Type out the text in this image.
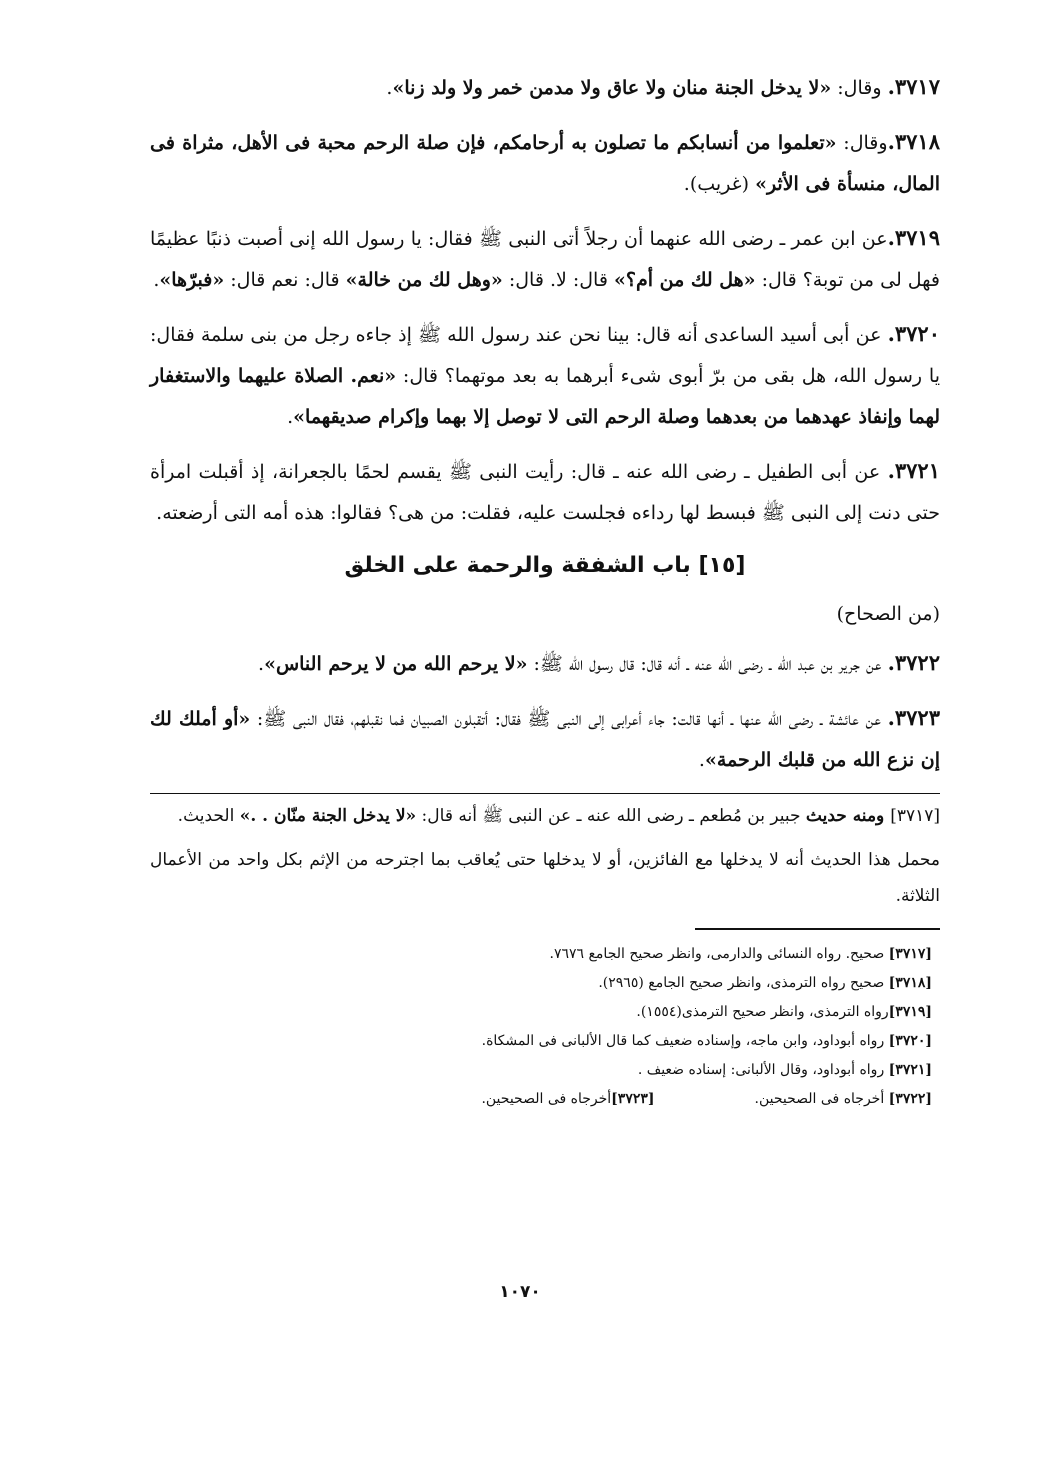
٣٧١٧. وقال: «لا يدخل الجنة منان ولا عاق ولا مدمن خمر ولا ولد زنا».

٣٧١٨.وقال: «تعلموا من أنسابكم ما تصلون به أرحامكم، فإن صلة الرحم محبة فى الأهل، مثراة فى المال، منسأة فى الأثر» (غريب).

٣٧١٩.عن ابن عمر ـ رضى الله عنهما أن رجلاً أتى النبى ﷺ فقال: يا رسول الله إنى أصبت ذنبًا عظيمًا فهل لى من توبة؟ قال: «هل لك من أم؟» قال: لا. قال: «وهل لك من خالة» قال: نعم قال: «فبرّها».

٣٧٢٠. عن أبى أسيد الساعدى أنه قال: بينا نحن عند رسول الله ﷺ إذ جاءه رجل من بنى سلمة فقال: يا رسول الله، هل بقى من برّ أبوى شىء أبرهما به بعد موتهما؟ قال: «نعم. الصلاة عليهما والاستغفار لهما وإنفاذ عهدهما من بعدهما وصلة الرحم التى لا توصل إلا بهما وإكرام صديقهما».

٣٧٢١. عن أبى الطفيل ـ رضى الله عنه ـ قال: رأيت النبى ﷺ يقسم لحمًا بالجعرانة، إذ أقبلت امرأة حتى دنت إلى النبى ﷺ فبسط لها رداءه فجلست عليه، فقلت: من هى؟ فقالوا: هذه أمه التى أرضعته.

[١٥] باب الشفقة والرحمة على الخلق
(من الصحاح)

٣٧٢٢. عن جرير بن عبد الله ـ رضى الله عنه ـ أنه قال: قال رسول الله ﷺ: «لا يرحم الله من لا يرحم الناس».

٣٧٢٣. عن عائشة ـ رضى الله عنها ـ أنها قالت: جاء أعرابى إلى النبى ﷺ فقال: أتقبلون الصبيان فما نقبلهم، فقال النبى ﷺ: «أو أملك لك إن نزع الله من قلبك الرحمة».

[٣٧١٧] ومنه حديث جبير بن مُطعم ـ رضى الله عنه ـ عن النبى ﷺ أنه قال: «لا يدخل الجنة منّان . .» الحديث.

محمل هذا الحديث أنه لا يدخلها مع الفائزين، أو لا يدخلها حتى يُعاقب بما اجترحه من الإثم بكل واحد من الأعمال الثلاثة.

[٣٧١٧] صحيح. رواه النسائى والدارمى، وانظر صحيح الجامع ٧٦٧٦.
[٣٧١٨] صحيح رواه الترمذى، وانظر صحيح الجامع (٢٩٦٥).
[٣٧١٩]رواه الترمذى، وانظر صحيح الترمذى(١٥٥٤).
[٣٧٢٠] رواه أبوداود، وابن ماجه، وإسناده ضعيف كما قال الألبانى فى المشكاة.
[٣٧٢١] رواه أبوداود، وقال الألبانى: إسناده ضعيف .
[٣٧٢٢] أخرجاه فى الصحيحين.
[٣٧٢٣]أخرجاه فى الصحيحين.
١٠٧٠
